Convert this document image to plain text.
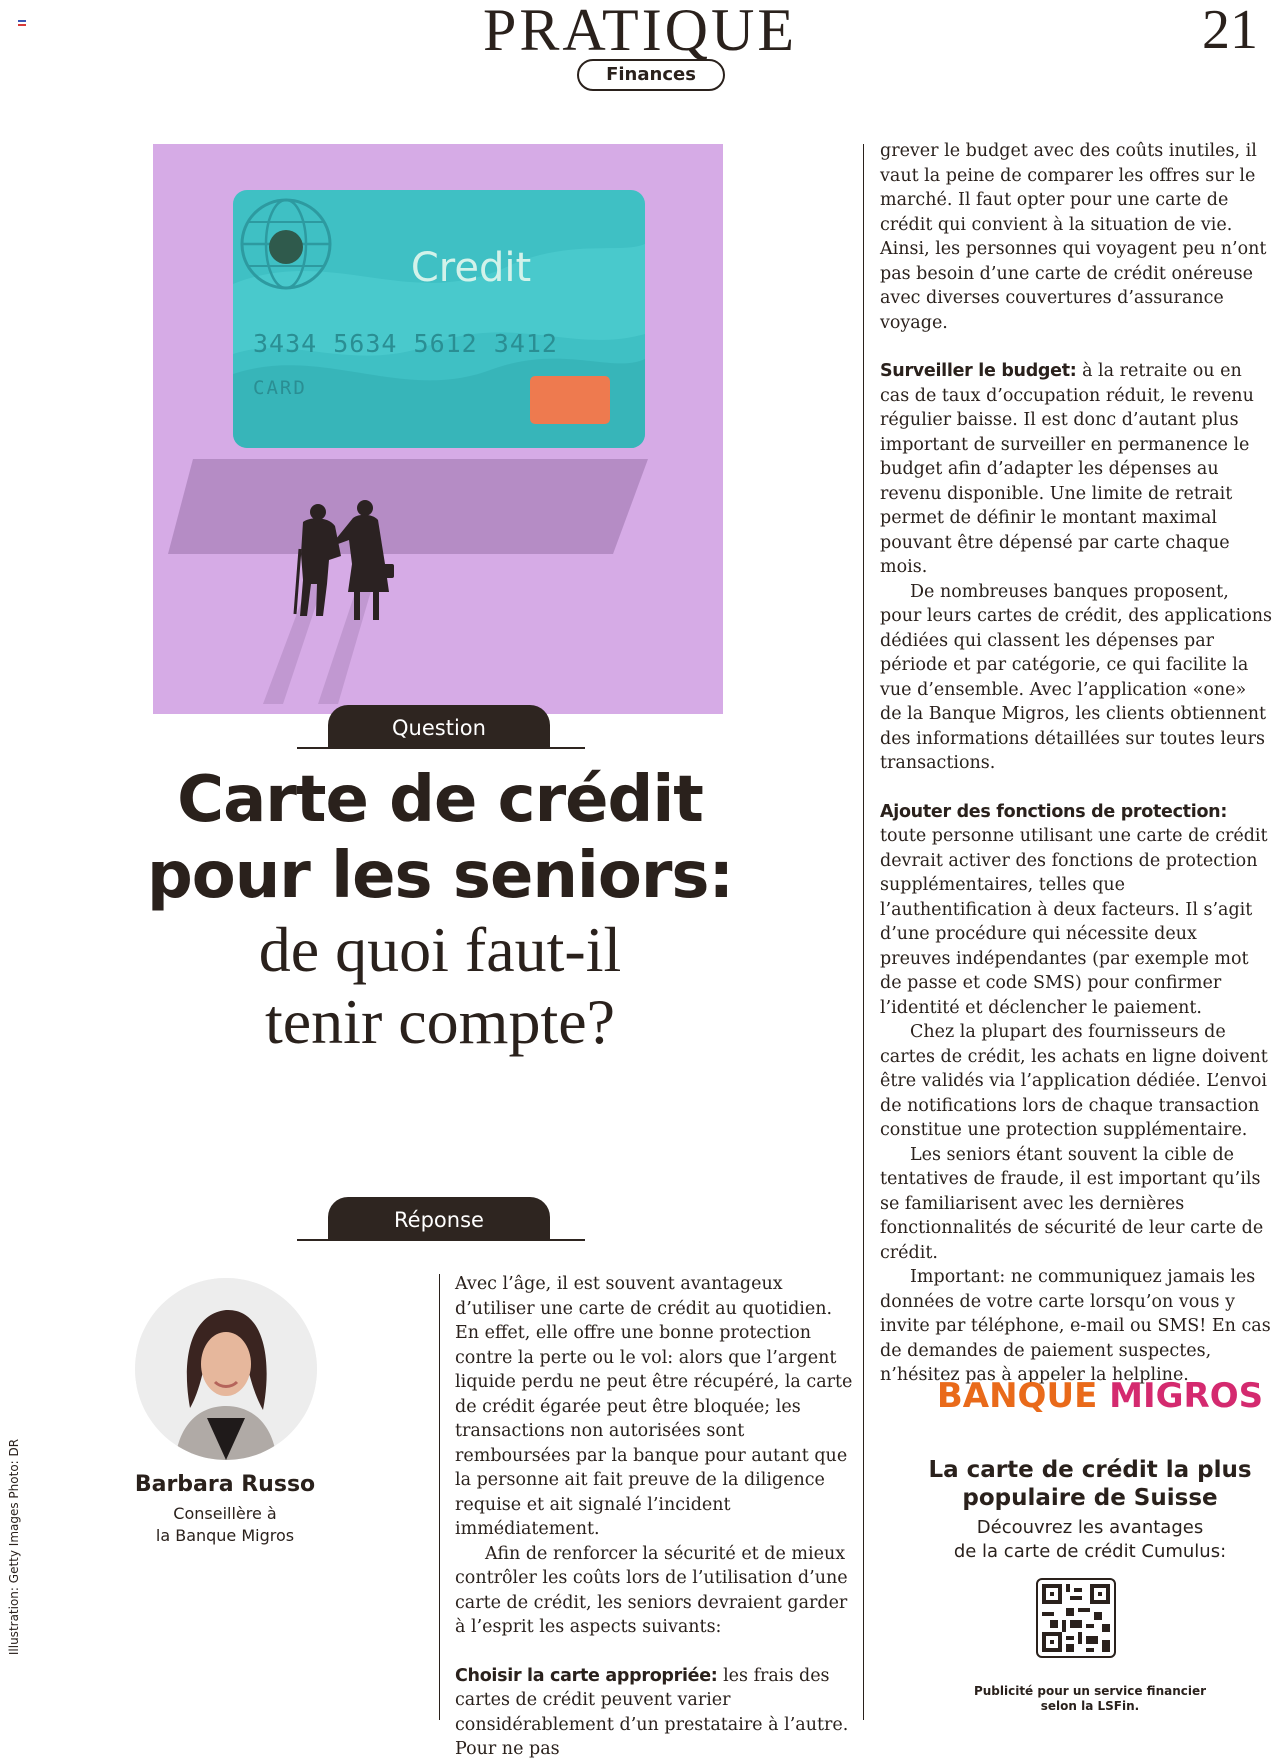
PRATIQUE	21
Finances
Credit
3434 5634 5612 3412
CARD
Question
Carte de crédit
pour les seniors:
de quoi faut-il
tenir compte?
Réponse
Barbara Russo
Conseillère à
la Banque Migros

Avec l’âge, il est souvent avantageux d’utiliser une carte de crédit au quotidien. En effet, elle offre une bonne protection contre la perte ou le vol: alors que l’argent liquide perdu ne peut être récupéré, la carte de crédit égarée peut être bloquée; les transactions non autorisées sont remboursées par la banque pour autant que la personne ait fait preuve de la diligence requise et ait signalé l’incident immédiatement.

Afin de renforcer la sécurité et de mieux contrôler les coûts lors de l’utilisation d’une carte de crédit, les seniors devraient garder à l’esprit les aspects suivants:

Choisir la carte appropriée: les frais des cartes de crédit peuvent varier considérablement d’un prestataire à l’autre. Pour ne pas

grever le budget avec des coûts inutiles, il vaut la peine de comparer les offres sur le marché. Il faut opter pour une carte de crédit qui convient à la situation de vie. Ainsi, les personnes qui voyagent peu n’ont pas besoin d’une carte de crédit onéreuse avec diverses couvertures d’assurance voyage.

Surveiller le budget: à la retraite ou en cas de taux d’occupation réduit, le revenu régulier baisse. Il est donc d’autant plus important de surveiller en permanence le budget afin d’adapter les dépenses au revenu disponible. Une limite de retrait permet de définir le montant maximal pouvant être dépensé par carte chaque mois.

De nombreuses banques proposent, pour leurs cartes de crédit, des applications dédiées qui classent les dépenses par période et par catégorie, ce qui facilite la vue d’ensemble. Avec l’application «one» de la Banque Migros, les clients obtiennent des informations détaillées sur toutes leurs transactions.

Ajouter des fonctions de protection:
toute personne utilisant une carte de crédit devrait activer des fonctions de protection supplémentaires, telles que l’authentification à deux facteurs. Il s’agit d’une procédure qui nécessite deux preuves indépendantes (par exemple mot de passe et code SMS) pour confirmer l’identité et déclencher le paiement.

Chez la plupart des fournisseurs de cartes de crédit, les achats en ligne doivent être validés via l’application dédiée. L’envoi de notifications lors de chaque transaction constitue une protection supplémentaire.

Les seniors étant souvent la cible de tentatives de fraude, il est important qu’ils se familiarisent avec les dernières fonctionnalités de sécurité de leur carte de crédit.

Important: ne communiquez jamais les données de votre carte lorsqu’on vous y invite par téléphone, e-mail ou SMS! En cas de demandes de paiement suspectes, n’hésitez pas à appeler la helpline.

BANQUE MIGROS
La carte de crédit la plus
populaire de Suisse
Découvrez les avantages
de la carte de crédit Cumulus:
Publicité pour un service financier
selon la LSFin.
Illustration: Getty Images Photo: DR
